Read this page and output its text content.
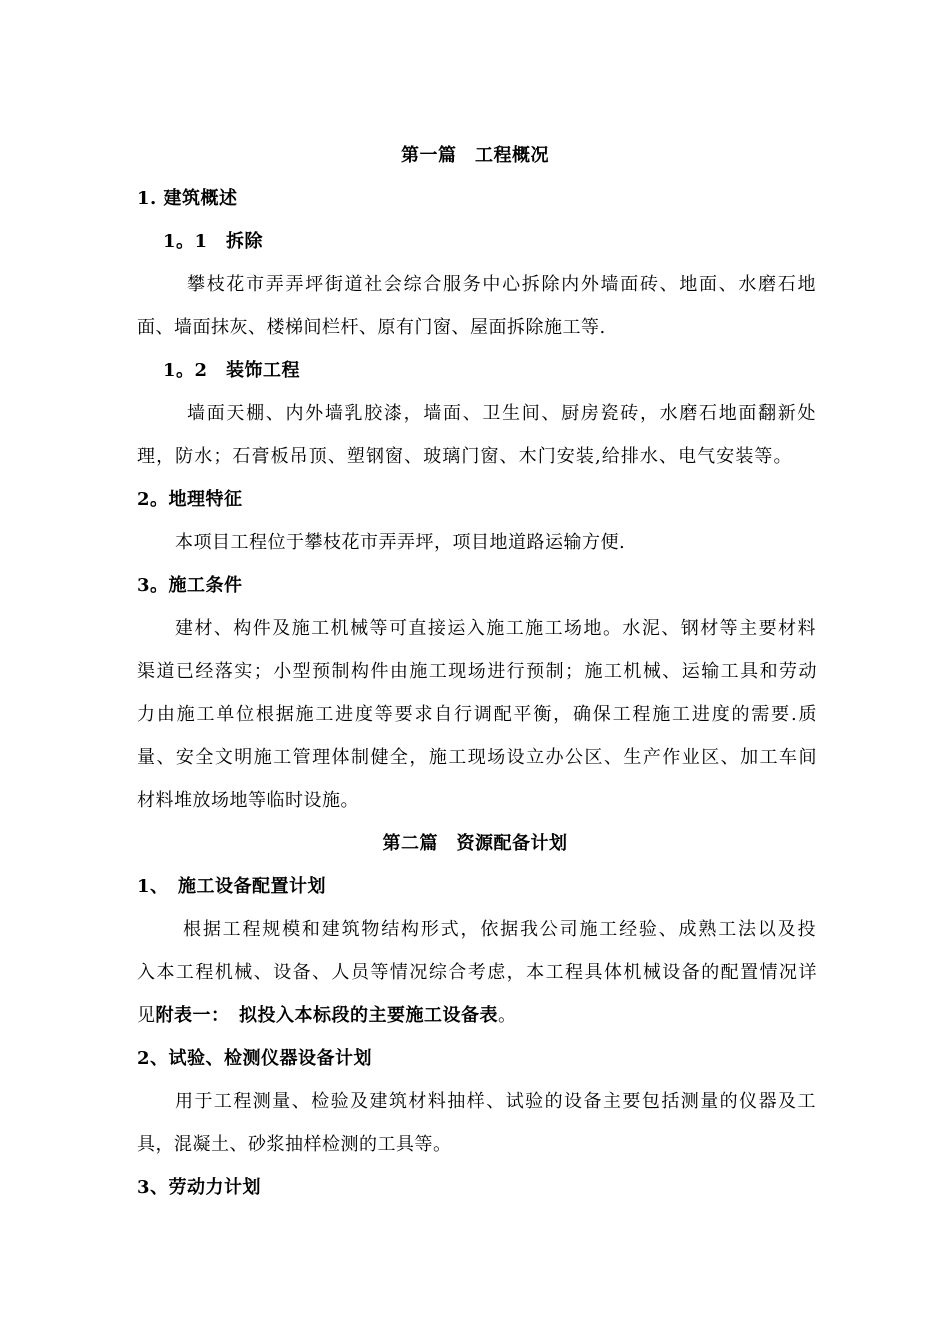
第一篇　工程概况
1. 建筑概述
1。1　拆除
攀枝花市弄弄坪街道社会综合服务中心拆除内外墙面砖、地面、水磨石地
面、墙面抹灰、楼梯间栏杆、原有门窗、屋面拆除施工等.
1。2　装饰工程
墙面天棚、内外墙乳胶漆，墙面、卫生间、厨房瓷砖，水磨石地面翻新处
理，防水；石膏板吊顶、塑钢窗、玻璃门窗、木门安装,给排水、电气安装等。
2。地理特征
本项目工程位于攀枝花市弄弄坪，项目地道路运输方便.
3。施工条件
建材、构件及施工机械等可直接运入施工施工场地。水泥、钢材等主要材料
渠道已经落实；小型预制构件由施工现场进行预制；施工机械、运输工具和劳动
力由施工单位根据施工进度等要求自行调配平衡，确保工程施工进度的需要.质
量、安全文明施工管理体制健全，施工现场设立办公区、生产作业区、加工车间
材料堆放场地等临时设施。
第二篇　资源配备计划
1、　施工设备配置计划
根据工程规模和建筑物结构形式，依据我公司施工经验、成熟工法以及投
入本工程机械、设备、人员等情况综合考虑，本工程具体机械设备的配置情况详
见附表一：　拟投入本标段的主要施工设备表。
2、试验、检测仪器设备计划
用于工程测量、检验及建筑材料抽样、试验的设备主要包括测量的仪器及工
具，混凝土、砂浆抽样检测的工具等。
3、劳动力计划
